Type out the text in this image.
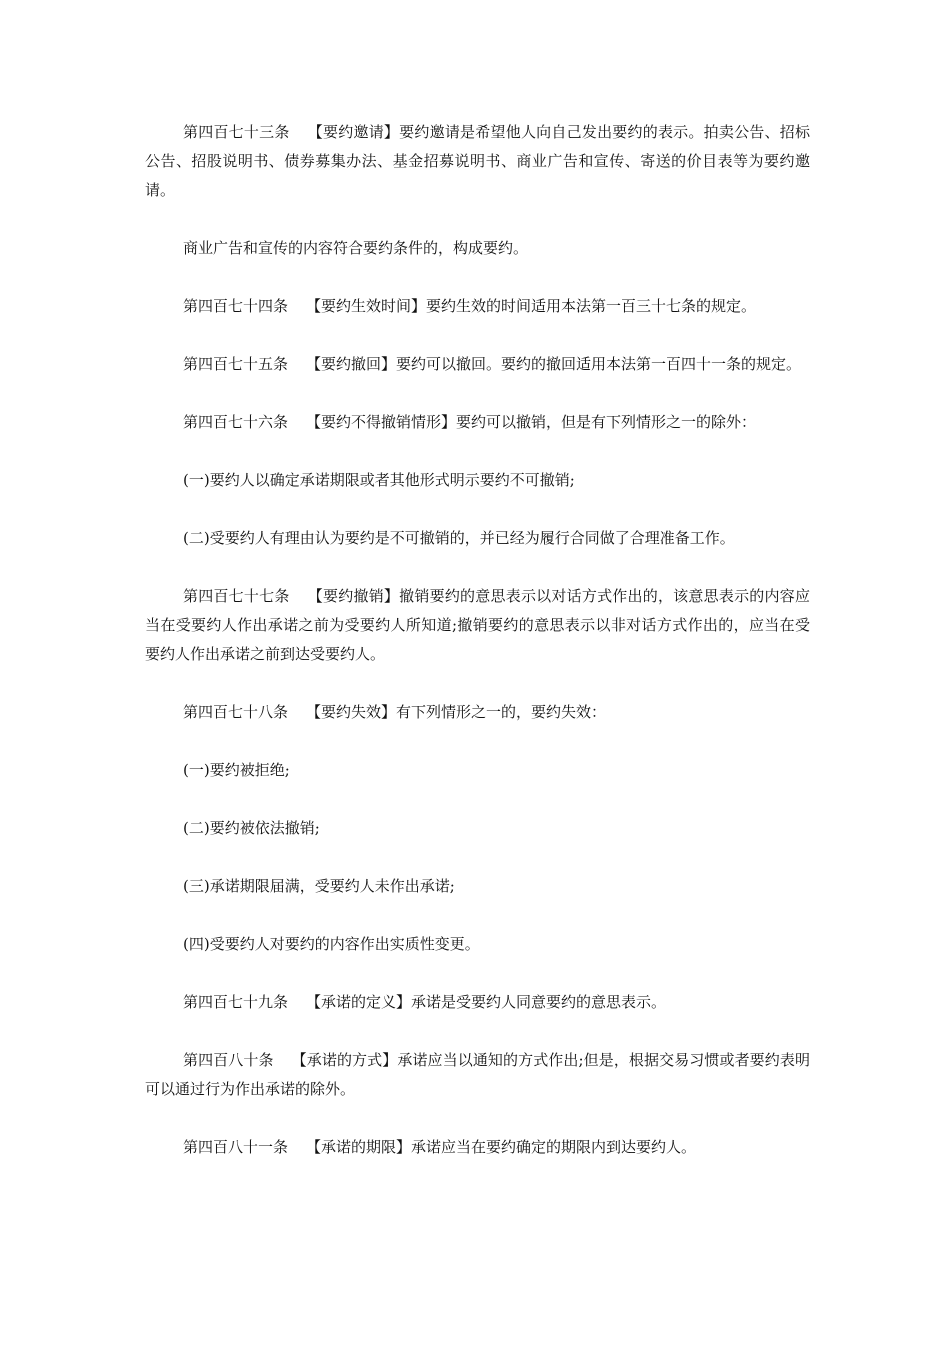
第四百七十三条 【要约邀请】要约邀请是希望他人向自己发出要约的表示。拍卖公告、招标公告、招股说明书、债券募集办法、基金招募说明书、商业广告和宣传、寄送的价目表等为要约邀请。

商业广告和宣传的内容符合要约条件的，构成要约。

第四百七十四条 【要约生效时间】要约生效的时间适用本法第一百三十七条的规定。

第四百七十五条 【要约撤回】要约可以撤回。要约的撤回适用本法第一百四十一条的规定。

第四百七十六条 【要约不得撤销情形】要约可以撤销，但是有下列情形之一的除外：

(一)要约人以确定承诺期限或者其他形式明示要约不可撤销;

(二)受要约人有理由认为要约是不可撤销的，并已经为履行合同做了合理准备工作。

第四百七十七条 【要约撤销】撤销要约的意思表示以对话方式作出的，该意思表示的内容应当在受要约人作出承诺之前为受要约人所知道;撤销要约的意思表示以非对话方式作出的，应当在受要约人作出承诺之前到达受要约人。

第四百七十八条 【要约失效】有下列情形之一的，要约失效：

(一)要约被拒绝;

(二)要约被依法撤销;

(三)承诺期限届满，受要约人未作出承诺;

(四)受要约人对要约的内容作出实质性变更。

第四百七十九条 【承诺的定义】承诺是受要约人同意要约的意思表示。

第四百八十条 【承诺的方式】承诺应当以通知的方式作出;但是，根据交易习惯或者要约表明可以通过行为作出承诺的除外。

第四百八十一条 【承诺的期限】承诺应当在要约确定的期限内到达要约人。
